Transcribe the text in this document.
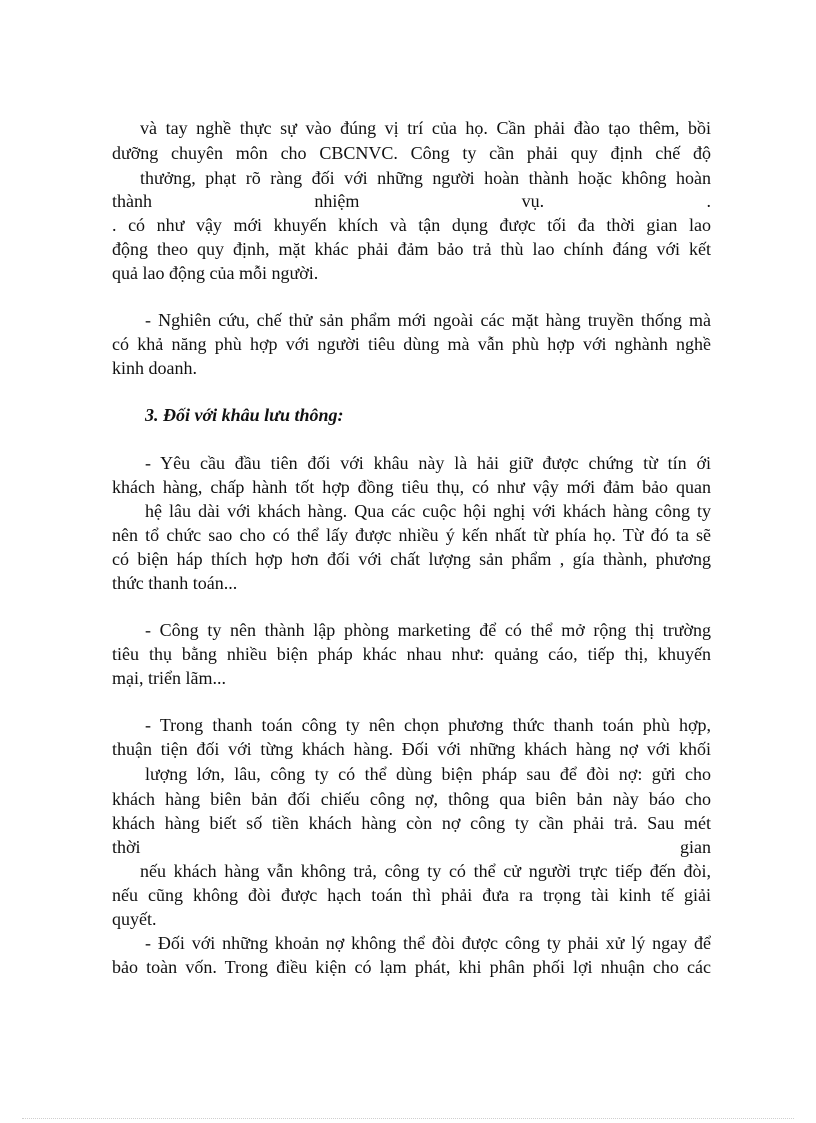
và tay nghề thực sự vào đúng vị trí của họ. Cần phải đào tạo thêm, bồi
dưỡng chuyên môn cho CBCNVC. Công ty cần phải quy định chế độ
thưởng, phạt rõ ràng đối với những người hoàn thành hoặc không hoàn
thành                        nhiệm                        vụ.                        .
. có như vậy mới khuyến khích và tận dụng được tối đa thời gian lao
động theo quy định, mặt khác phải đảm bảo trả thù lao chính đáng với kết
quả lao động của mỗi người.
- Nghiên cứu, chế thử sản phẩm mới ngoài các mặt hàng truyền thống mà
có khả năng phù hợp với người tiêu dùng mà vẫn phù hợp với nghành nghề
kinh doanh.
3. Đối với khâu lưu thông:
- Yêu cầu đầu tiên đối với khâu này là hải giữ được chứng từ tín ới
khách hàng, chấp hành tốt hợp đồng tiêu thụ, có như vậy mới đảm bảo quan
hệ lâu dài với khách hàng. Qua các cuộc hội nghị với khách hàng công ty
nên tổ chức sao cho có thể lấy được nhiều ý kến nhất từ phía họ. Từ đó ta sẽ
có biện háp thích hợp hơn đối với chất lượng sản phẩm , gía thành, phương
thức thanh toán...
- Công ty nên thành lập phòng marketing để có thể mở rộng thị trường
tiêu thụ bằng nhiều biện pháp khác nhau như: quảng cáo, tiếp thị, khuyến
mại, triển lãm...
- Trong thanh toán công ty nên chọn phương thức thanh toán phù hợp,
thuận tiện đối với từng khách hàng. Đối với những khách hàng nợ với khối
lượng lớn, lâu, công ty có thể dùng biện pháp sau để đòi nợ: gửi cho
khách hàng biên bản đối chiếu công nợ, thông qua biên bản này báo cho
khách hàng biết số tiền khách hàng còn nợ công ty cần phải trả. Sau mét
thời                                                                                                      gian
nếu khách hàng vẫn không trả, công ty có thể cử người trực tiếp đến đòi,
nếu cũng không đòi được hạch toán thì phải đưa ra trọng tài kinh tế giải
quyết.
- Đối với những khoản nợ không thể đòi được công ty phải xử lý ngay để
bảo toàn vốn. Trong điều kiện có lạm phát, khi phân phối lợi nhuận cho các
